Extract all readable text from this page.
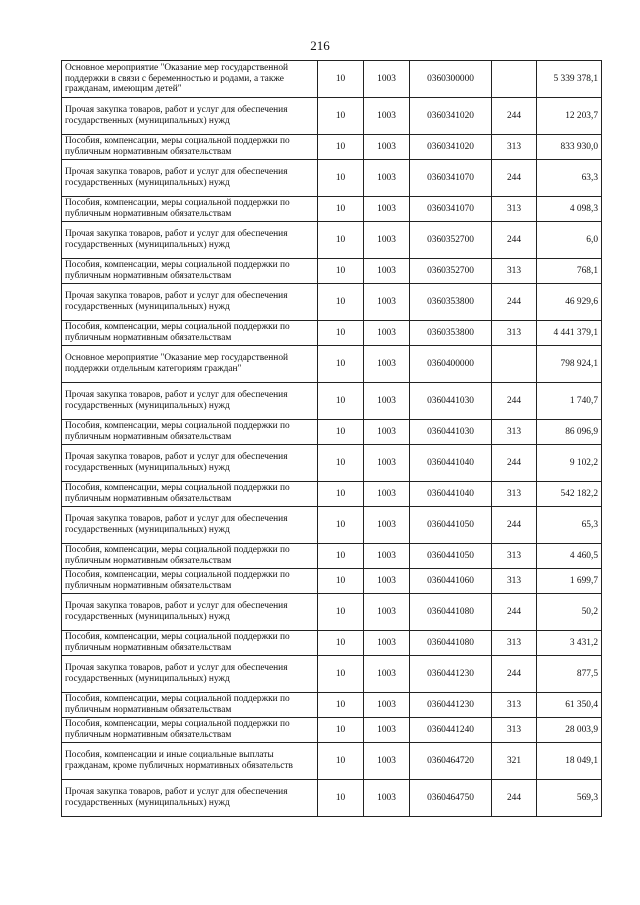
216
Основное мероприятие "Оказание мер государственной поддержки в связи с беременностью и родами, а также гражданам, имеющим детей"	10	1003	0360300000		5 339 378,1
Прочая закупка товаров, работ и услуг для обеспечения государственных (муниципальных) нужд	10	1003	0360341020	244	12 203,7
Пособия, компенсации, меры социальной поддержки по публичным нормативным обязательствам	10	1003	0360341020	313	833 930,0
Прочая закупка товаров, работ и услуг для обеспечения государственных (муниципальных) нужд	10	1003	0360341070	244	63,3
Пособия, компенсации, меры социальной поддержки по публичным нормативным обязательствам	10	1003	0360341070	313	4 098,3
Прочая закупка товаров, работ и услуг для обеспечения государственных (муниципальных) нужд	10	1003	0360352700	244	6,0
Пособия, компенсации, меры социальной поддержки по публичным нормативным обязательствам	10	1003	0360352700	313	768,1
Прочая закупка товаров, работ и услуг для обеспечения государственных (муниципальных) нужд	10	1003	0360353800	244	46 929,6
Пособия, компенсации, меры социальной поддержки по публичным нормативным обязательствам	10	1003	0360353800	313	4 441 379,1
Основное мероприятие "Оказание мер государственной поддержки отдельным категориям граждан"	10	1003	0360400000		798 924,1
Прочая закупка товаров, работ и услуг для обеспечения государственных (муниципальных) нужд	10	1003	0360441030	244	1 740,7
Пособия, компенсации, меры социальной поддержки по публичным нормативным обязательствам	10	1003	0360441030	313	86 096,9
Прочая закупка товаров, работ и услуг для обеспечения государственных (муниципальных) нужд	10	1003	0360441040	244	9 102,2
Пособия, компенсации, меры социальной поддержки по публичным нормативным обязательствам	10	1003	0360441040	313	542 182,2
Прочая закупка товаров, работ и услуг для обеспечения государственных (муниципальных) нужд	10	1003	0360441050	244	65,3
Пособия, компенсации, меры социальной поддержки по публичным нормативным обязательствам	10	1003	0360441050	313	4 460,5
Пособия, компенсации, меры социальной поддержки по публичным нормативным обязательствам	10	1003	0360441060	313	1 699,7
Прочая закупка товаров, работ и услуг для обеспечения государственных (муниципальных) нужд	10	1003	0360441080	244	50,2
Пособия, компенсации, меры социальной поддержки по публичным нормативным обязательствам	10	1003	0360441080	313	3 431,2
Прочая закупка товаров, работ и услуг для обеспечения государственных (муниципальных) нужд	10	1003	0360441230	244	877,5
Пособия, компенсации, меры социальной поддержки по публичным нормативным обязательствам	10	1003	0360441230	313	61 350,4
Пособия, компенсации, меры социальной поддержки по публичным нормативным обязательствам	10	1003	0360441240	313	28 003,9
Пособия, компенсации и иные социальные выплаты гражданам, кроме публичных нормативных обязательств	10	1003	0360464720	321	18 049,1
Прочая закупка товаров, работ и услуг для обеспечения государственных (муниципальных) нужд	10	1003	0360464750	244	569,3
